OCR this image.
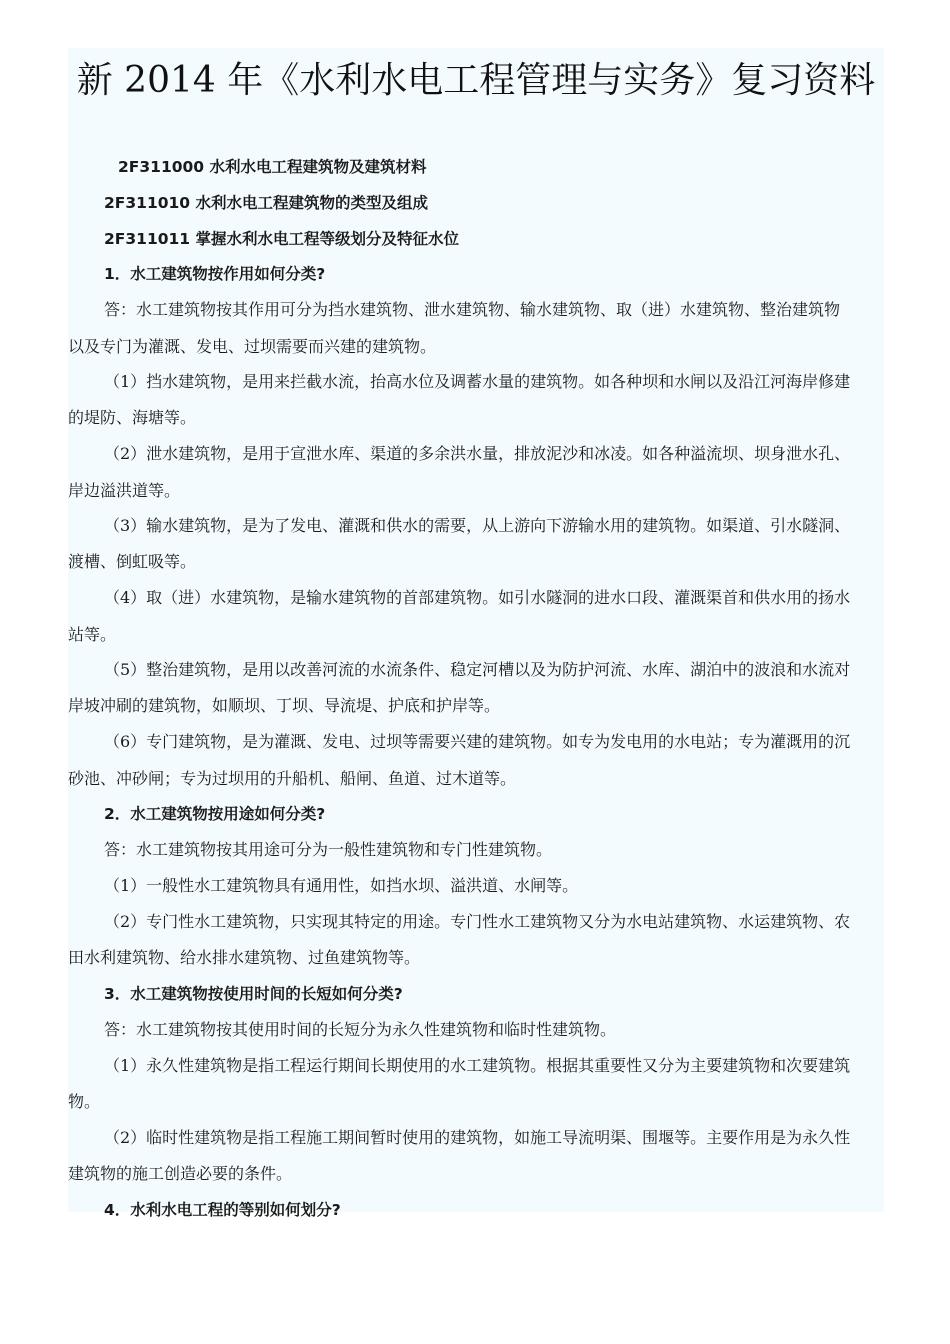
新 2014 年《水利水电工程管理与实务》复习资料
2F311000 水利水电工程建筑物及建筑材料
2F311010 水利水电工程建筑物的类型及组成
2F311011 掌握水利水电工程等级划分及特征水位
1．水工建筑物按作用如何分类?
答：水工建筑物按其作用可分为挡水建筑物、泄水建筑物、输水建筑物、取（进）水建筑物、整治建筑物
以及专门为灌溉、发电、过坝需要而兴建的建筑物。
（1）挡水建筑物，是用来拦截水流，抬高水位及调蓄水量的建筑物。如各种坝和水闸以及沿江河海岸修建
的堤防、海塘等。
（2）泄水建筑物，是用于宣泄水库、渠道的多余洪水量，排放泥沙和冰凌。如各种溢流坝、坝身泄水孔、
岸边溢洪道等。
（3）输水建筑物，是为了发电、灌溉和供水的需要，从上游向下游输水用的建筑物。如渠道、引水隧洞、
渡槽、倒虹吸等。
（4）取（进）水建筑物，是输水建筑物的首部建筑物。如引水隧洞的进水口段、灌溉渠首和供水用的扬水
站等。
（5）整治建筑物，是用以改善河流的水流条件、稳定河槽以及为防护河流、水库、湖泊中的波浪和水流对
岸坡冲刷的建筑物，如顺坝、丁坝、导流堤、护底和护岸等。
（6）专门建筑物，是为灌溉、发电、过坝等需要兴建的建筑物。如专为发电用的水电站；专为灌溉用的沉
砂池、冲砂闸；专为过坝用的升船机、船闸、鱼道、过木道等。
2．水工建筑物按用途如何分类?
答：水工建筑物按其用途可分为一般性建筑物和专门性建筑物。
（1）一般性水工建筑物具有通用性，如挡水坝、溢洪道、水闸等。
（2）专门性水工建筑物，只实现其特定的用途。专门性水工建筑物又分为水电站建筑物、水运建筑物、农
田水利建筑物、给水排水建筑物、过鱼建筑物等。
3．水工建筑物按使用时间的长短如何分类?
答：水工建筑物按其使用时间的长短分为永久性建筑物和临时性建筑物。
（1）永久性建筑物是指工程运行期间长期使用的水工建筑物。根据其重要性又分为主要建筑物和次要建筑
物。
（2）临时性建筑物是指工程施工期间暂时使用的建筑物，如施工导流明渠、围堰等。主要作用是为永久性
建筑物的施工创造必要的条件。
4．水利水电工程的等别如何划分?
